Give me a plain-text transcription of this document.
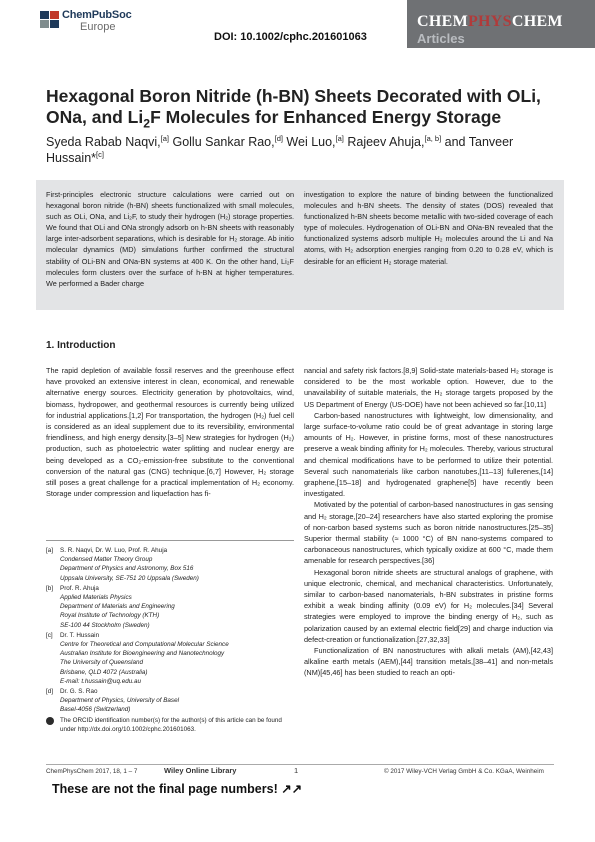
ChemPubSoc
Europe
DOI: 10.1002/cphc.201601063
CHEMPHYSCHEM
Articles
Hexagonal Boron Nitride (h-BN) Sheets Decorated with OLi, ONa, and $Li_2F$ Molecules for Enhanced Energy Storage
Syeda Rabab Naqvi,[a] Gollu Sankar Rao,[d] Wei Luo,[a] Rajeev Ahuja,[a, b] and Tanveer Hussain*[c]
First-principles electronic structure calculations were carried out on hexagonal boron nitride (h-BN) sheets functionalized with small molecules, such as OLi, ONa, and Li₂F, to study their hydrogen (H₂) storage properties. We found that OLi and ONa strongly adsorb on h-BN sheets with reasonably large inter-adsorbent separations, which is desirable for H₂ storage. Ab initio molecular dynamics (MD) simulations further confirmed the structural stability of OLi-BN and ONa-BN systems at 400 K. On the other hand, Li₂F molecules form clusters over the surface of h-BN at higher temperatures. We performed a Bader charge
investigation to explore the nature of binding between the functionalized molecules and h-BN sheets. The density of states (DOS) revealed that functionalized h-BN sheets become metallic with two-sided coverage of each type of molecules. Hydrogenation of OLi-BN and ONa-BN revealed that the functionalized systems adsorb multiple H₂ molecules around the Li and Na atoms, with H₂ adsorption energies ranging from 0.20 to 0.28 eV, which is desirable for an efficient H₂ storage material.
1. Introduction

The rapid depletion of available fossil reserves and the greenhouse effect have provoked an extensive interest in clean, economical, and renewable alternative energy sources. Electricity generation by photovoltaics, wind, biomass, hydropower, and geothermal resources is currently being utilized for industrial applications.[1,2] For transportation, the hydrogen (H₂) fuel cell is considered as an ideal supplement due to its reversibility, environmental friendliness, and high energy density.[3–5] New strategies for hydrogen (H₂) production, such as photoelectric water splitting and nuclear energy are being developed as a CO₂-emission-free substitute to the conventional conversion of the natural gas (CNG) technique.[6,7] However, H₂ storage still poses a great challenge for a practical implementation of H₂ economy. Storage under compression and liquefaction has fi-

nancial and safety risk factors.[8,9] Solid-state materials-based H₂ storage is considered to be the most workable option. However, due to the unavailability of suitable materials, the H₂ storage targets proposed by the US Department of Energy (US-DOE) have not been achieved so far.[10,11]

Carbon-based nanostructures with lightweight, low dimensionality, and large surface-to-volume ratio could be of great advantage in storing large amounts of H₂. However, in pristine forms, most of these nanostructures preserve a weak binding affinity for H₂ molecules. Thereby, various structural and chemical modifications have to be performed to utilize their potential. Several such nanomaterials like carbon nanotubes,[11–13] fullerenes,[14] graphene,[15–18] and hydrogenated graphene[5] have recently been investigated.

Motivated by the potential of carbon-based nanostructures in gas sensing and H₂ storage,[20–24] researchers have also started exploring the promise of non-carbon based systems such as boron nitride nanostructures.[25–35] Superior thermal stability (≈ 1000 °C) of BN nano-systems compared to carbonaceous nanostructures, which typically oxidize at 600 °C, made them amenable for research perspectives.[36]

Hexagonal boron nitride sheets are structural analogs of graphene, with unique electronic, chemical, and mechanical characteristics. Unfortunately, similar to carbon-based nanomaterials, h-BN substrates in pristine forms exhibit a weak binding affinity (0.09 eV) for H₂ molecules.[34] Several strategies were employed to improve the binding energy of H₂, such as polarization caused by an external electric field[29] and charge induction via defect-creation or functionalization.[27,32,33]

Functionalization of BN nanostructures with alkali metals (AM),[42,43] alkaline earth metals (AEM),[44] transition metals,[38–41] and non-metals (NM)[45,46] has been studied to reach an opti-

[a]	S. R. Naqvi, Dr. W. Luo, Prof. R. Ahuja
Condensed Matter Theory Group
Department of Physics and Astronomy, Box 516
Uppsala University, SE-751 20 Uppsala (Sweden)
[b]	Prof. R. Ahuja
Applied Materials Physics
Department of Materials and Engineering
Royal Institute of Technology (KTH)
SE-100 44 Stockholm (Sweden)
[c]	Dr. T. Hussain
Centre for Theoretical and Computational Molecular Science
Australian Institute for Bioengineering and Nanotechnology
The University of Queensland
Brisbane, QLD 4072 (Australia)
E-mail: t.hussain@uq.edu.au
[d]	Dr. G. S. Rao
Department of Physics, University of Basel
Basel-4056 (Switzerland)
The ORCID identification number(s) for the author(s) of this article can be found under http://dx.doi.org/10.1002/cphc.201601063.
ChemPhysChem 2017, 18, 1 – 7	Wiley Online Library	1	© 2017 Wiley-VCH Verlag GmbH & Co. KGaA, Weinheim
These are not the final page numbers! ↗↗
